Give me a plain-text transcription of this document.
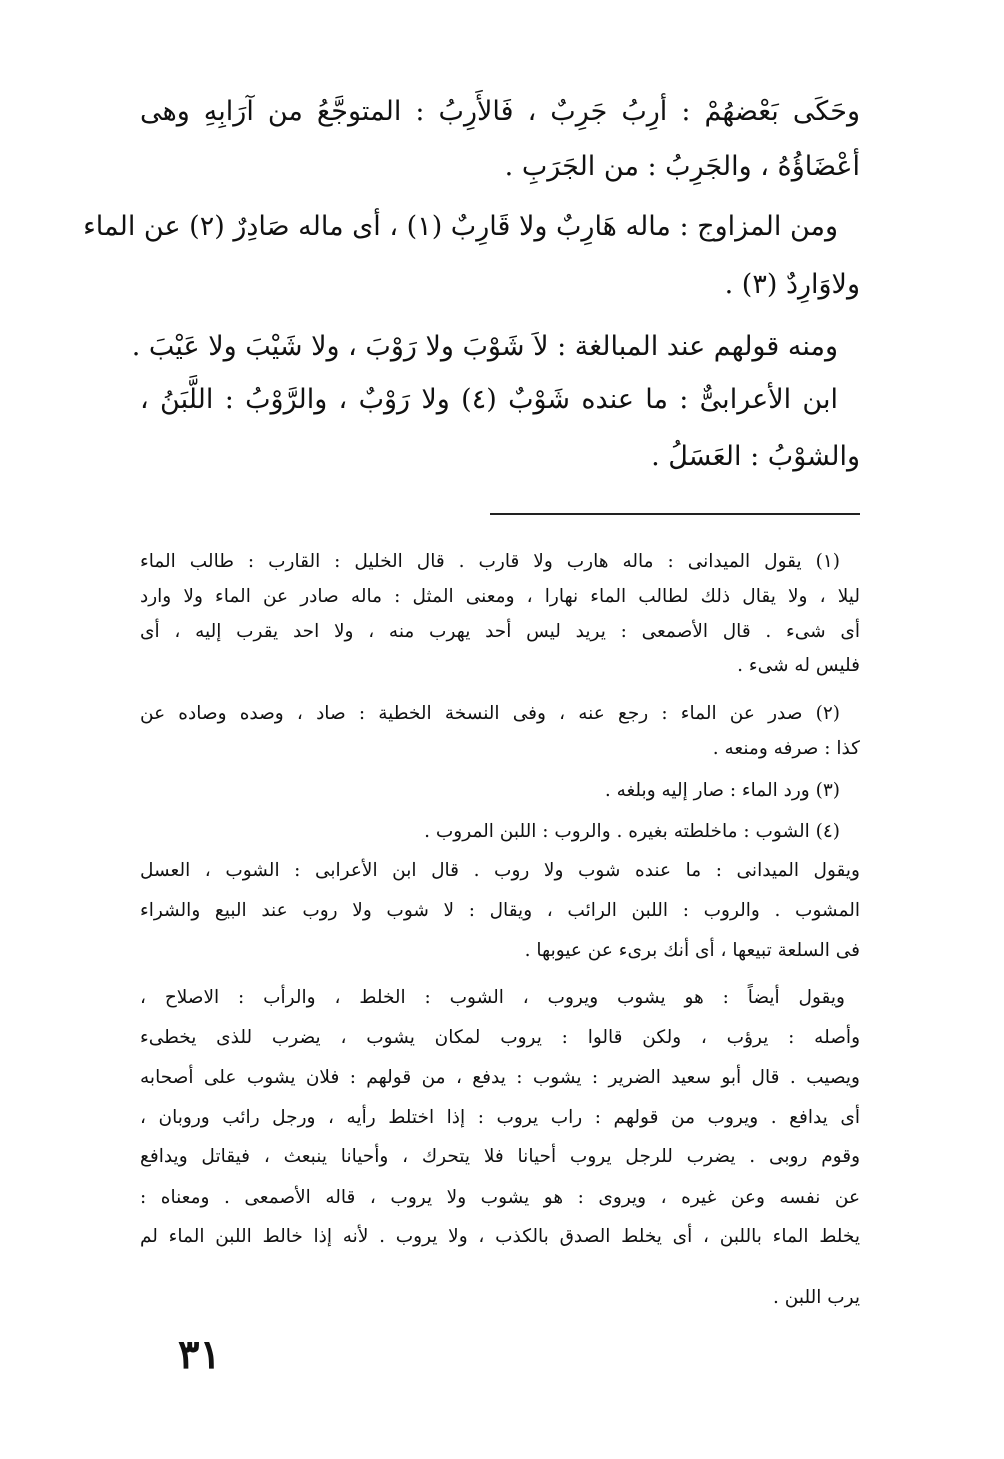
وحَكَى بَعْضهُمْ : أرِبُ جَرِبٌ ، فَالأَرِبُ : المتوجَّعُ من آرَابِهِ وهى
أعْضَاؤُهُ ، والجَرِبُ : من الجَرَبِ .
ومن المزاوج : ماله هَارِبٌ ولا قَارِبٌ (١) ، أى ماله صَادِرٌ (٢) عن الماء
ولاوَارِدٌ (٣) .
ومنه قولهم عند المبالغة : لاَ شَوْبَ ولا رَوْبَ ، ولا شَيْبَ ولا عَيْبَ .
ابن الأعرابىٌّ : ما عنده شَوْبٌ (٤) ولا رَوْبٌ ، والرَّوْبُ : اللَّبَنُ ،
والشوْبُ : العَسَلُ .
(١) يقول الميدانى : ماله هارب ولا قارب . قال الخليل : القارب : طالب الماء
ليلا ، ولا يقال ذلك لطالب الماء نهارا ، ومعنى المثل : ماله صادر عن الماء ولا وارد
أى شىء . قال الأصمعى : يريد ليس أحد يهرب منه ، ولا احد يقرب إليه ، أى
فليس له شىء .
(٢) صدر عن الماء : رجع عنه ، وفى النسخة الخطية : صاد ، وصده وصاده عن
كذا : صرفه ومنعه .
(٣) ورد الماء : صار إليه وبلغه .
(٤) الشوب : ماخلطته بغيره . والروب : اللبن المروب .
ويقول الميدانى : ما عنده شوب ولا روب . قال ابن الأعرابى : الشوب ، العسل
المشوب . والروب : اللبن الرائب ، ويقال : لا شوب ولا روب عند البيع والشراء
فى السلعة تبيعها ، أى أنك برىء عن عيوبها .
ويقول أيضاً : هو يشوب ويروب ، الشوب : الخلط ، والرأب : الاصلاح ،
وأصله : يرؤب ، ولكن قالوا : يروب لمكان يشوب ، يضرب للذى يخطىء
ويصيب . قال أبو سعيد الضرير : يشوب : يدفع ، من قولهم : فلان يشوب على أصحابه
أى يدافع . ويروب من قولهم : راب يروب : إذا اختلط رأيه ، ورجل رائب وروبان ،
وقوم روبى . يضرب للرجل يروب أحيانا فلا يتحرك ، وأحيانا ينبعث ، فيقاتل ويدافع
عن نفسه وعن غيره ، ويروى : هو يشوب ولا يروب ، قاله الأصمعى . ومعناه :
يخلط الماء باللبن ، أى يخلط الصدق بالكذب ، ولا يروب . لأنه إذا خالط اللبن الماء لم
يرب اللبن .
٣١
